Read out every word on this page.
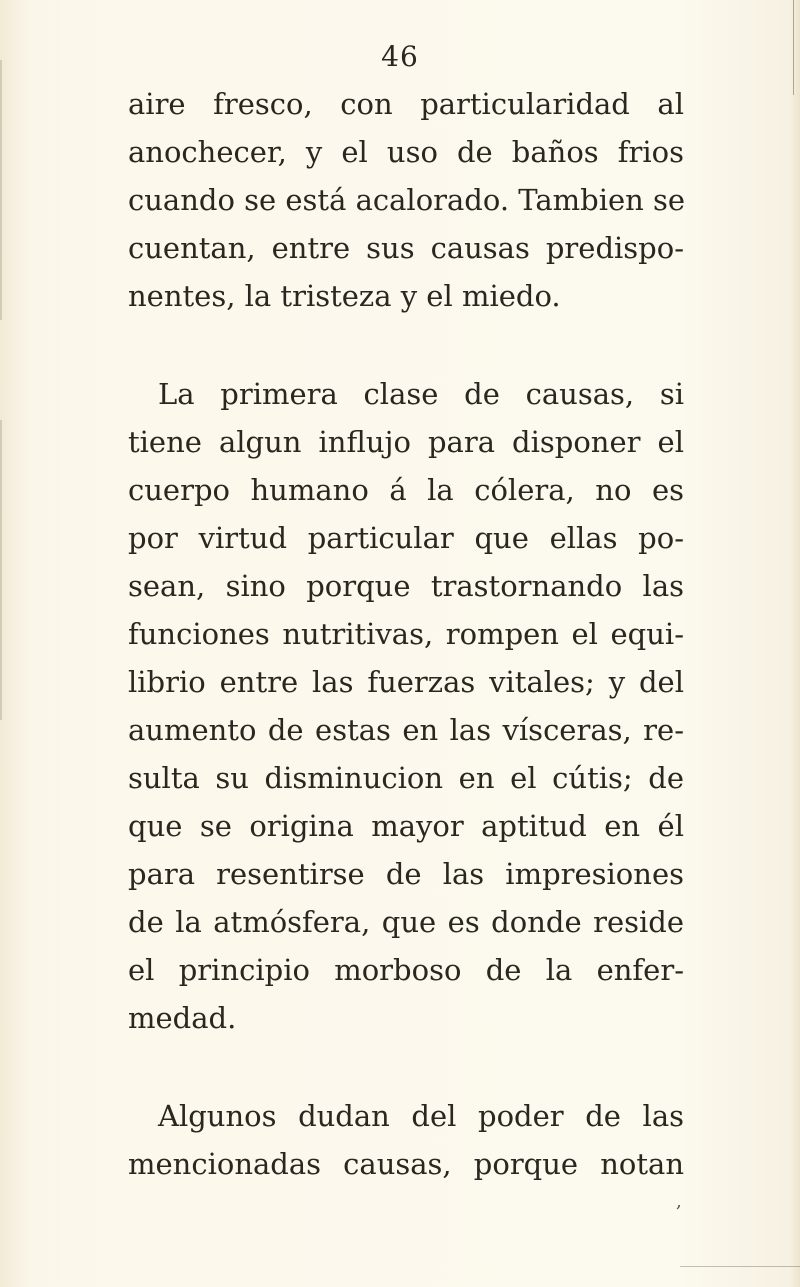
46
aire fresco, con particularidad al
anochecer, y el uso de baños frios
cuando se está acalorado. Tambien se
cuentan, entre sus causas predispo-
nentes, la tristeza y el miedo.
La primera clase de causas, si
tiene algun influjo para disponer el
cuerpo humano á la cólera, no es
por virtud particular que ellas po-
sean, sino porque trastornando las
funciones nutritivas, rompen el equi-
librio entre las fuerzas vitales; y del
aumento de estas en las vísceras, re-
sulta su disminucion en el cútis; de
que se origina mayor aptitud en él
para resentirse de las impresiones
de la atmósfera, que es donde reside
el principio morboso de la enfer-
medad.
Algunos dudan del poder de las
mencionadas causas, porque notan
,
